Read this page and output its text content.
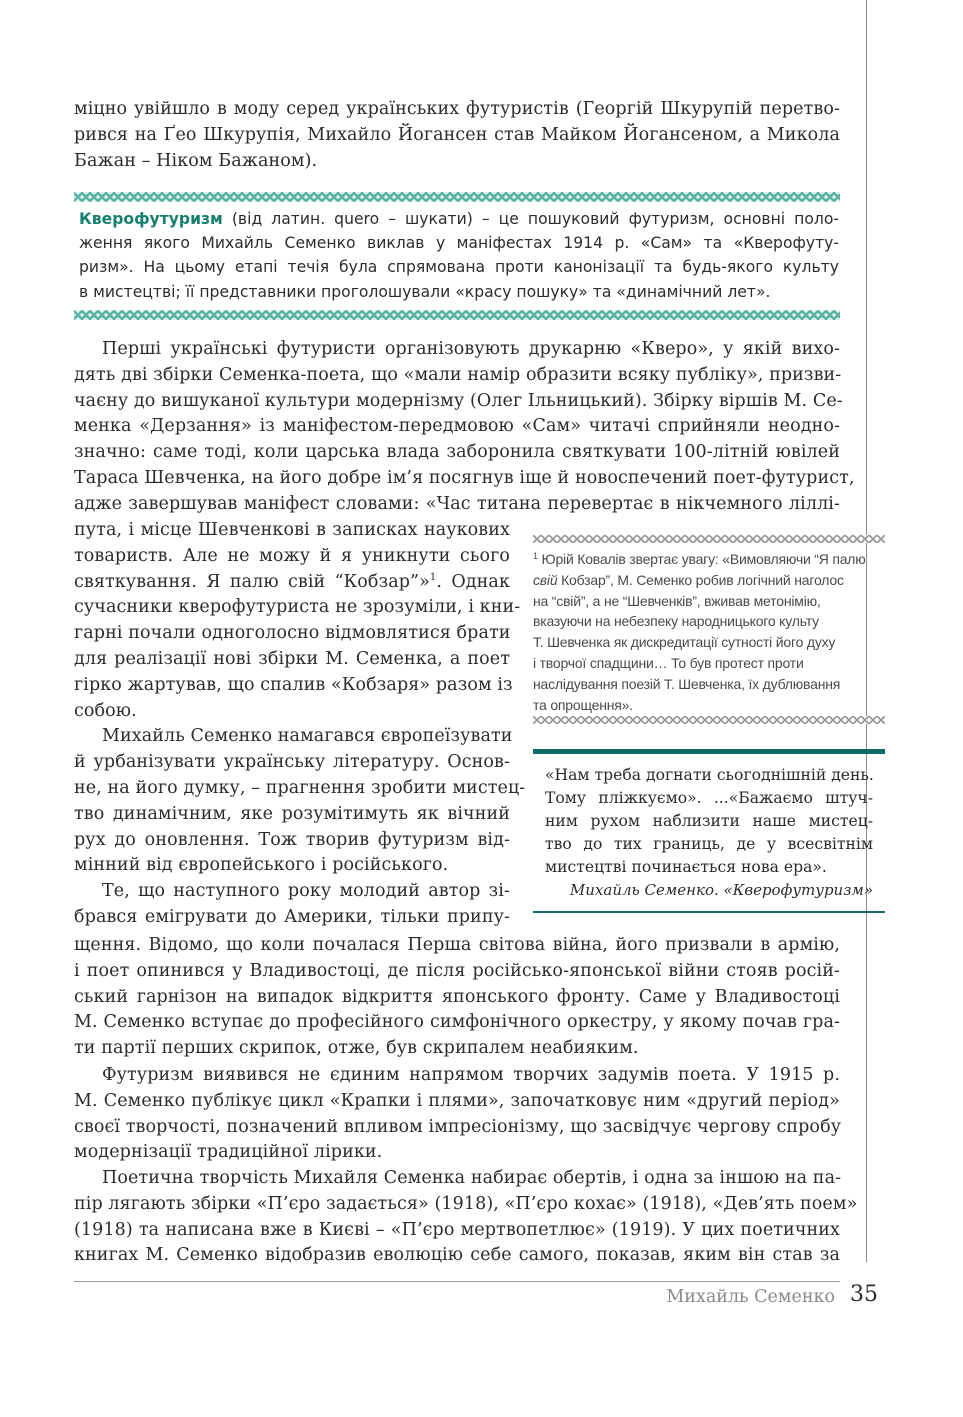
міцно увійшло в моду серед українських футуристів (Георгій Шкурупій перетво-
рився на Ґео Шкурупія, Михайло Йогансен став Майком Йогансеном, а Микола
Бажан – Ніком Бажаном).
Кверофутуризм (від латин. quero – шукати) – це пошуковий футуризм, основні поло-
ження якого Михайль Семенко виклав у маніфестах 1914 р. «Сам» та «Кверофуту-
ризм». На цьому етапі течія була спрямована проти канонізації та будь-якого культу
в мистецтві; її представники проголошували «красу пошуку» та «динамічний лет».
Перші українські футуристи організовують друкарню «Кверо», у якій вихо-
дять дві збірки Семенка-поета, що «мали намір образити всяку публіку», призви-
чаєну до вишуканої культури модернізму (Олег Ільницький). Збірку віршів М. Се-
менка «Дерзання» із маніфестом-передмовою «Сам» читачі сприйняли неодно-
значно: саме тоді, коли царська влада заборонила святкувати 100-літній ювілей
Тараса Шевченка, на його добре ім’я посягнув іще й новоспечений поет-футурист,
адже завершував маніфест словами: «Час титана перевертає в нікчемного ліллі-
пута, і місце Шевченкові в записках наукових
товариств. Але не можу й я уникнути сього
святкування. Я палю свій “Кобзар”»$^1$. Однак
сучасники кверофутуриста не зрозуміли, і кни-
гарні почали одноголосно відмовлятися брати
для реалізації нові збірки М. Семенка, а поет
гірко жартував, що спалив «Кобзаря» разом із
собою.
Михайль Семенко намагався європеїзувати
й урбанізувати українську літературу. Основ-
не, на його думку, – прагнення зробити мистец-
тво динамічним, яке розумітимуть як вічний
рух до оновлення. Тож творив футуризм від-
мінний від європейського і російського.
Те, що наступного року молодий автор зі-
брався емігрувати до Америки, тільки припу-
$^1$ Юрій Ковалів звертає увагу: «Вимовляючи “Я палю
свій Кобзар”, М. Семенко робив логічний наголос
на “свій”, а не “Шевченків”, вживав метонімію,
вказуючи на небезпеку народницького культу
Т. Шевченка як дискредитації сутності його духу
і творчої спадщини… То був протест проти
наслідування поезій Т. Шевченка, їх дублювання
та опрощення».
«Нам треба догнати сьогоднішній день.
Тому пліжкуємо». ...«Бажаємо штуч-
ним рухом наблизити наше мистец-
тво до тих границь, де у всесвітнім
мистецтві починається нова ера».
Михайль Семенко. «Кверофутуризм»
щення. Відомо, що коли почалася Перша світова війна, його призвали в армію,
і поет опинився у Владивостоці, де після російсько-японської війни стояв росій-
ський гарнізон на випадок відкриття японського фронту. Саме у Владивостоці
М. Семенко вступає до професійного симфонічного оркестру, у якому почав гра-
ти партії перших скрипок, отже, був скрипалем неабияким.
Футуризм виявився не єдиним напрямом творчих задумів поета. У 1915 р.
М. Семенко публікує цикл «Крапки і плями», започатковує ним «другий період»
своєї творчості, позначений впливом імпресіонізму, що засвідчує чергову спробу
модернізації традиційної лірики.
Поетична творчість Михайля Семенка набирає обертів, і одна за іншою на па-
пір лягають збірки «П’єро задається» (1918), «П’єро кохає» (1918), «Дев’ять поем»
(1918) та написана вже в Києві – «П’єро мертвопетлює» (1919). У цих поетичних
книгах М. Семенко відобразив еволюцію себе самого, показав, яким він став за
Михайль Семенко 35
